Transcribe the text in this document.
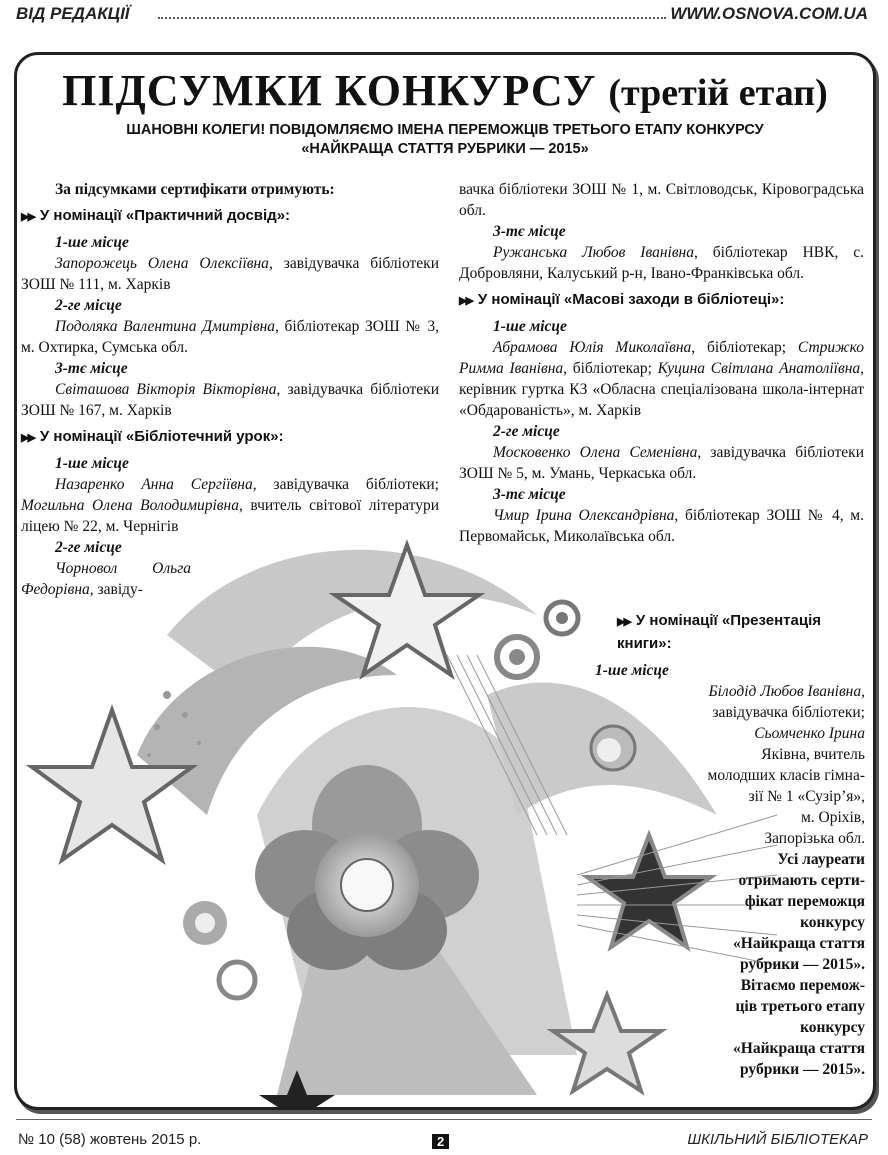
ВІД РЕДАКЦІЇ	WWW.OSNOVA.COM.UA
ПІДСУМКИ КОНКУРСУ (третій етап)
ШАНОВНІ КОЛЕГИ! ПОВІДОМЛЯЄМО ІМЕНА ПЕРЕМОЖЦІВ ТРЕТЬОГО ЕТАПУ КОНКУРСУ
«НАЙКРАЩА СТАТТЯ РУБРИКИ — 2015»

За підсумками сертифікати отримують:

▶▶ У номінації «Практичний досвід»:

1-ше місце

Запорожець Олена Олексіївна, завідувачка бібліотеки ЗОШ № 111, м. Харків

2-ге місце

Подоляка Валентина Дмитрівна, бібліотекар ЗОШ № 3, м. Охтирка, Сумська обл.

3-тє місце

Світашова Вікторія Вікторівна, завідувачка бібліотеки ЗОШ № 167, м. Харків

▶▶ У номінації «Бібліотечний урок»:

1-ше місце

Назаренко Анна Сергіївна, завідувачка бібліотеки; Могильна Олена Володимирівна, вчитель світової літератури ліцею № 22, м. Чернігів

2-ге місце

Чорновол Ольга Федорівна, завіду-

вачка бібліотеки ЗОШ № 1, м. Світловодськ, Кіровоградська обл.

3-тє місце

Ружанська Любов Іванівна, бібліотекар НВК, с. Добровляни, Калуський р-н, Івано-Франківська обл.

▶▶ У номінації «Масові заходи в бібліотеці»:

1-ше місце

Абрамова Юлія Миколаївна, бібліотекар; Стрижко Римма Іванівна, бібліотекар; Куцина Світлана Анатоліївна, керівник гуртка КЗ «Обласна спеціалізована школа-інтернат «Обдарованість», м. Харків

2-ге місце

Московенко Олена Семенівна, завідувачка бібліотеки ЗОШ № 5, м. Умань, Черкаська обл.

3-тє місце

Чмир Ірина Олександрівна, бібліотекар ЗОШ № 4, м. Первомайськ, Миколаївська обл.

▶▶ У номінації «Презентація
книги»:

1-ше місце

Білодід Любов Іванівна,

завідувачка бібліотеки;

Сьомченко Ірина

Яківна, вчитель

молодших класів гімна-

зії № 1 «Сузір’я»,

м. Оріхів,

Запорізька обл.

Усі лауреати

отримають серти-

фікат переможця

конкурсу

«Найкраща стаття

рубрики — 2015».

Вітаємо перемож-

ців третього етапу

конкурсу

«Найкраща стаття

рубрики — 2015».

№ 10 (58) жовтень 2015 р.	2	ШКІЛЬНИЙ БІБЛІОТЕКАР
